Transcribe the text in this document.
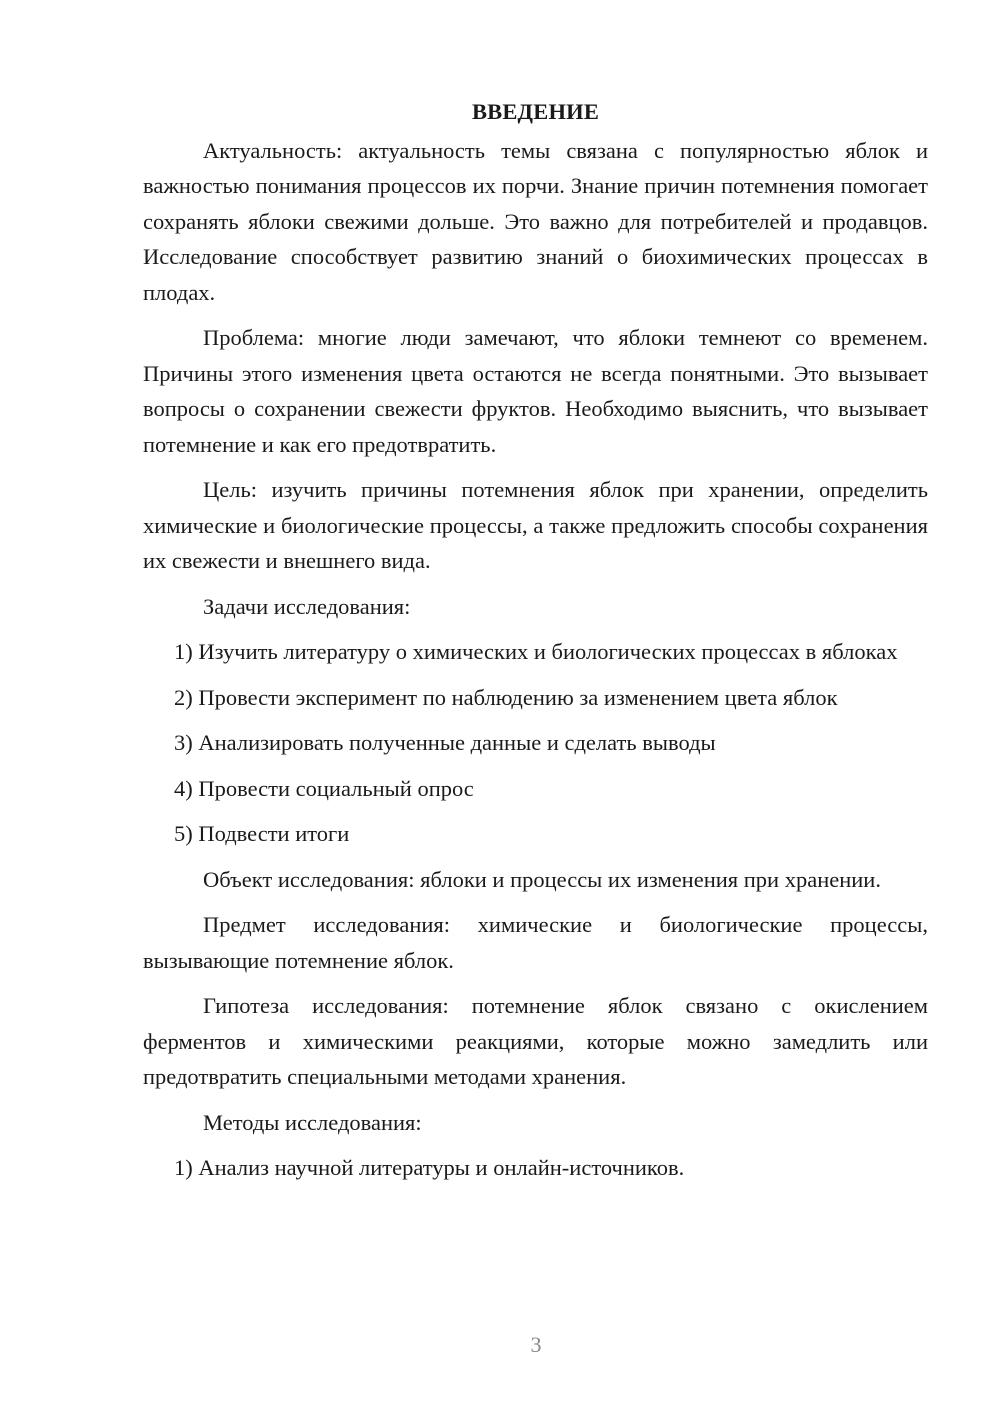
ВВЕДЕНИЕ

Актуальность: актуальность темы связана с популярностью яблок и важностью понимания процессов их порчи. Знание причин потемнения помогает сохранять яблоки свежими дольше. Это важно для потребителей и продавцов. Исследование способствует развитию знаний о биохимических процессах в плодах.

Проблема: многие люди замечают, что яблоки темнеют со временем. Причины этого изменения цвета остаются не всегда понятными. Это вызывает вопросы о сохранении свежести фруктов. Необходимо выяснить, что вызывает потемнение и как его предотвратить.

Цель: изучить причины потемнения яблок при хранении, определить химические и биологические процессы, а также предложить способы сохранения их свежести и внешнего вида.

Задачи исследования:

1) Изучить литературу о химических и биологических процессах в яблоках

2) Провести эксперимент по наблюдению за изменением цвета яблок

3) Анализировать полученные данные и сделать выводы

4) Провести социальный опрос

5) Подвести итоги

Объект исследования: яблоки и процессы их изменения при хранении.

Предмет исследования: химические и биологические процессы, вызывающие потемнение яблок.

Гипотеза исследования: потемнение яблок связано с окислением ферментов и химическими реакциями, которые можно замедлить или предотвратить специальными методами хранения.

Методы исследования:

1) Анализ научной литературы и онлайн-источников.

3
